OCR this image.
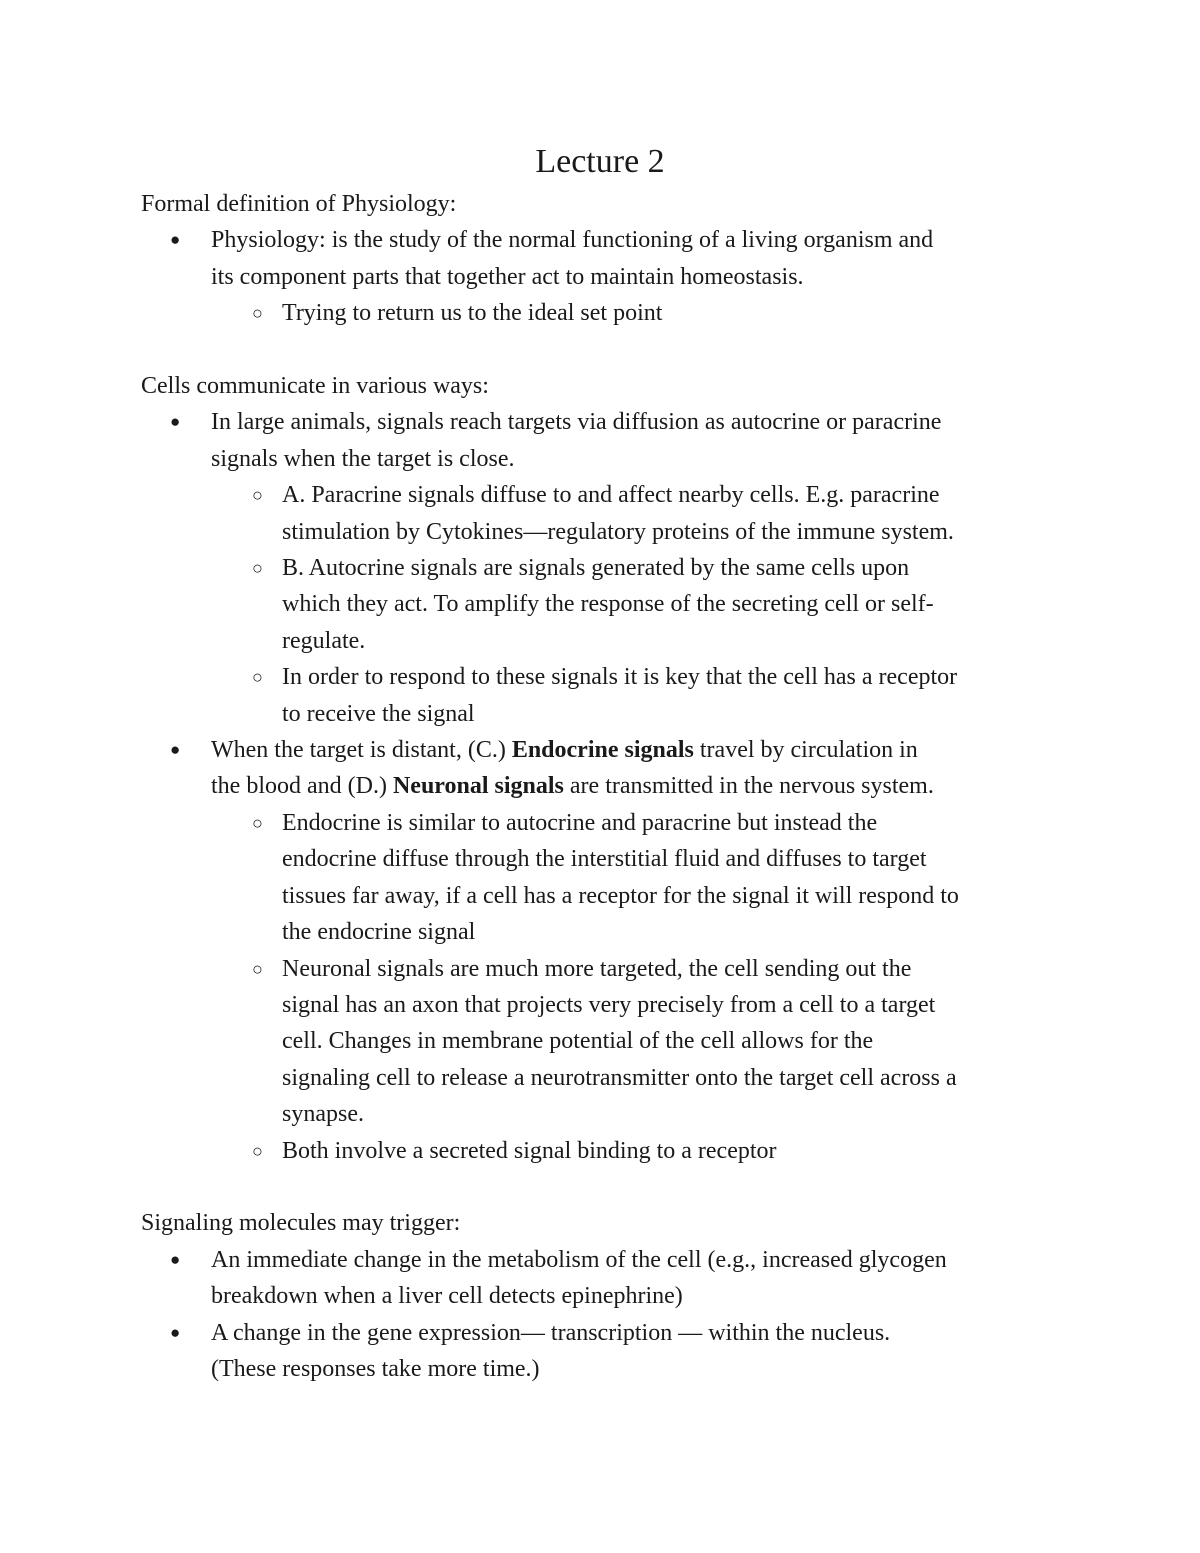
Lecture 2

Formal definition of Physiology:

● Physiology: is the study of the normal functioning of a living organism and
its component parts that together act to maintain homeostasis.
○ Trying to return us to the ideal set point

Cells communicate in various ways:

● In large animals, signals reach targets via diffusion as autocrine or paracrine
signals when the target is close.
○ A. Paracrine signals diffuse to and affect nearby cells. E.g. paracrine
stimulation by Cytokines—regulatory proteins of the immune system.
○ B. Autocrine signals are signals generated by the same cells upon
which they act. To amplify the response of the secreting cell or self-
regulate.
○ In order to respond to these signals it is key that the cell has a receptor
to receive the signal
● When the target is distant, (C.) Endocrine signals travel by circulation in
the blood and (D.) Neuronal signals are transmitted in the nervous system.
○ Endocrine is similar to autocrine and paracrine but instead the
endocrine diffuse through the interstitial fluid and diffuses to target
tissues far away, if a cell has a receptor for the signal it will respond to
the endocrine signal
○ Neuronal signals are much more targeted, the cell sending out the
signal has an axon that projects very precisely from a cell to a target
cell. Changes in membrane potential of the cell allows for the
signaling cell to release a neurotransmitter onto the target cell across a
synapse.
○ Both involve a secreted signal binding to a receptor

Signaling molecules may trigger:

● An immediate change in the metabolism of the cell (e.g., increased glycogen
breakdown when a liver cell detects epinephrine)
● A change in the gene expression— transcription — within the nucleus.
(These responses take more time.)
